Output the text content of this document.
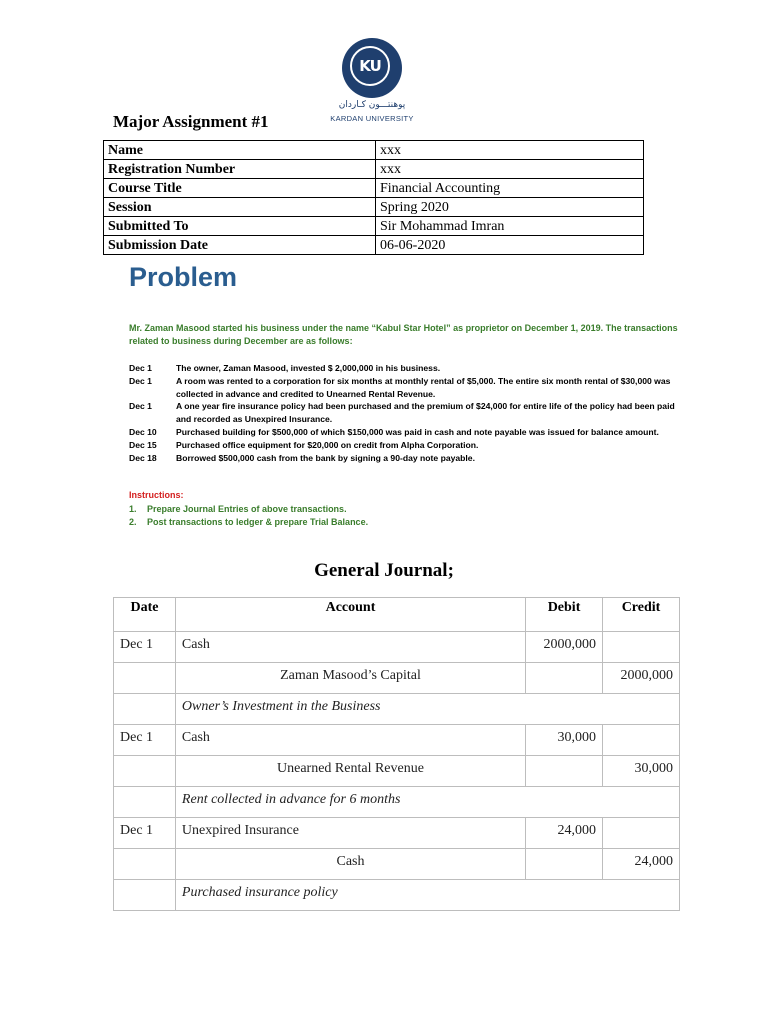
KU
پوهنتـــون کـاردان
KARDAN UNIVERSITY
Major Assignment #1
Name	xxx
Registration Number	xxx
Course Title	Financial Accounting
Session	Spring 2020
Submitted To	Sir Mohammad Imran
Submission Date	06-06-2020
Problem
Mr. Zaman Masood started his business under the name “Kabul Star Hotel” as proprietor on December 1, 2019. The transactions related to business during December are as follows:
Dec 1	The owner, Zaman Masood, invested $ 2,000,000 in his business.
Dec 1	A room was rented to a corporation for six months at monthly rental of $5,000. The entire six month rental of $30,000 was collected in advance and credited to Unearned Rental Revenue.
Dec 1	A one year fire insurance policy had been purchased and the premium of $24,000 for entire life of the policy had been paid and recorded as Unexpired Insurance.
Dec 10	Purchased building for $500,000 of which $150,000 was paid in cash and note payable was issued for balance amount.
Dec 15	Purchased office equipment for $20,000 on credit from Alpha Corporation.
Dec 18	Borrowed $500,000 cash from the bank by signing a 90-day note payable.
Instructions:
1.	Prepare Journal Entries of above transactions.
2.	Post transactions to ledger & prepare Trial Balance.
General Journal;
Date	Account	Debit	Credit
Dec 1	Cash	2000,000	
	Zaman Masood’s Capital		2000,000
	Owner’s Investment in the Business		
Dec 1	Cash	30,000	
	Unearned Rental Revenue		30,000
	Rent collected in advance for 6 months		
Dec 1	Unexpired Insurance	24,000	
	Cash		24,000
	Purchased insurance policy		
